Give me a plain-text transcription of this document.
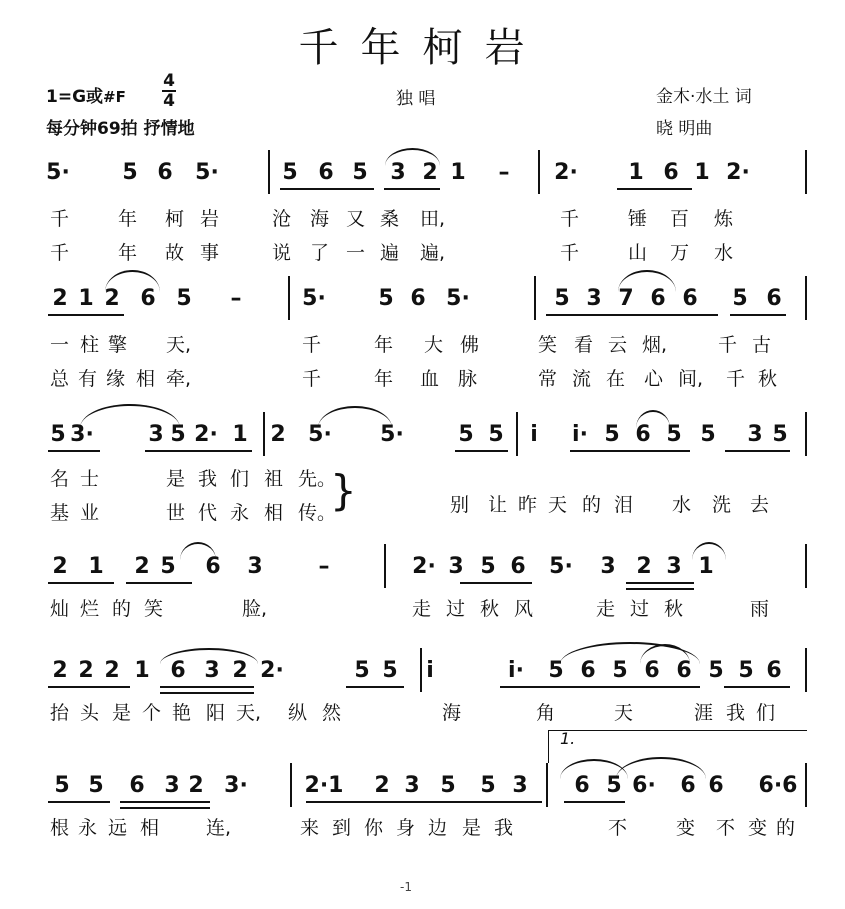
千年柯岩
1=G或#F
4
4
每分钟69拍 抒情地
独 唱	金木·水土 词
晓 明曲
5· 5 6 5·	5 6 5 3 2 1 – 2· 1 6 1 2·
千	年 柯 岩	沧 海 又 桑 田,	千	锤 百 炼
千	年 故 事	说 了 一 遍 遍,	千	山 万 水
2 1 2 6 5 –	5· 5 6 5·	5 3 7 6 6 5 6
一 柱 擎 天,	千	年 大 佛	笑 看 云 烟,	千 古
总 有 缘 相 牵,	千	年 血 脉	常 流 在 心 间, 千 秋
5 3· 3 5 2· 1 2 5· 5· 5 5 i i· 5 6 5 5 3 5
名 士	是 我 们 祖 先。
基 业	世 代 永 相 传。	别 让 昨 天 的 泪 水 洗 去
}
2 1 2 5 6 3	–	2· 3 5 6 5· 3 2 3 1
灿 烂 的 笑	脸,	走 过 秋 风	走 过 秋	雨
2 2 2 1 6 3 2 2·	5 5 i	i· 5 6 5 6 6 5 5 6
抬 头 是 个 艳 阳 天, 纵 然	海	角	天	涯 我 们
5 5 6 3 2 3·	2·1 2 3 5 5 3 6 5 6· 6 6 6·6
根 永 远 相 连,	来 到 你 身 边 是 我	不	变 不 变 的
1.
-1
